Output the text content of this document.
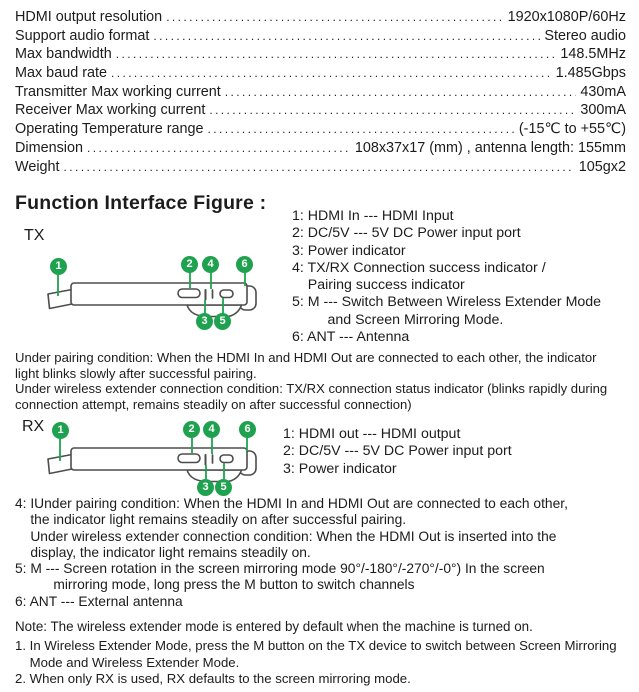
HDMI output resolution .....	1920x1080P/60Hz
Support audio format .....	Stereo audio
Max bandwidth .....	148.5MHz
Max baud rate .....	1.485Gbps
Transmitter Max working current .....	430mA
Receiver Max working current .....	300mA
Operating Temperature range .....	(-15℃ to +55℃)
Dimension .....	108x37x17 (mm) , antenna length: 155mm
Weight .....	105gx2
Function Interface Figure :
TX
1	2	4	6
3	5
1: HDMI In --- HDMI Input
2: DC/5V --- 5V DC Power input port
3: Power indicator
4: TX/RX Connection success indicator /
Pairing success indicator
5: M --- Switch Between Wireless Extender Mode
and Screen Mirroring Mode.
6: ANT --- Antenna
Under pairing condition: When the HDMI In and HDMI Out are connected to each other, the indicator
light blinks slowly after successful pairing.
Under wireless extender connection condition: TX/RX connection status indicator (blinks rapidly during
connection attempt, remains steadily on after successful connection)
RX	1	2	4	6
3	5
1: HDMI out --- HDMI output
2: DC/5V --- 5V DC Power input port
3: Power indicator
4: IUnder pairing condition: When the HDMI In and HDMI Out are connected to each other,
the indicator light remains steadily on after successful pairing.
Under wireless extender connection condition: When the HDMI Out is inserted into the
display, the indicator light remains steadily on.
5: M --- Screen rotation in the screen mirroring mode 90°/-180°/-270°/-0°) In the screen
mirroring mode, long press the M button to switch channels
6: ANT --- External antenna
Note: The wireless extender mode is entered by default when the machine is turned on.
1. In Wireless Extender Mode, press the M button on the TX device to switch between Screen Mirroring
Mode and Wireless Extender Mode.
2. When only RX is used, RX defaults to the screen mirroring mode.
